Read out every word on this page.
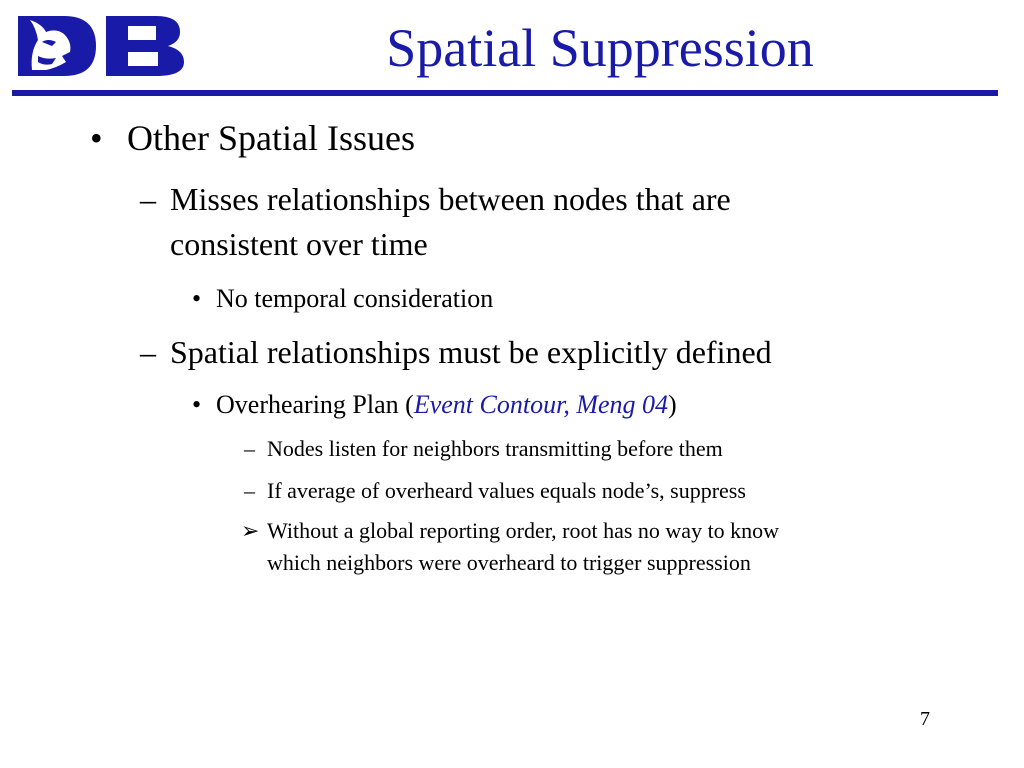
Spatial Suppression
• Other Spatial Issues
– Misses relationships between nodes that are
consistent over time
• No temporal consideration
– Spatial relationships must be explicitly defined
• Overhearing Plan (Event Contour, Meng 04)
– Nodes listen for neighbors transmitting before them
– If average of overheard values equals node’s, suppress
➢ Without a global reporting order, root has no way to know
which neighbors were overheard to trigger suppression
7
